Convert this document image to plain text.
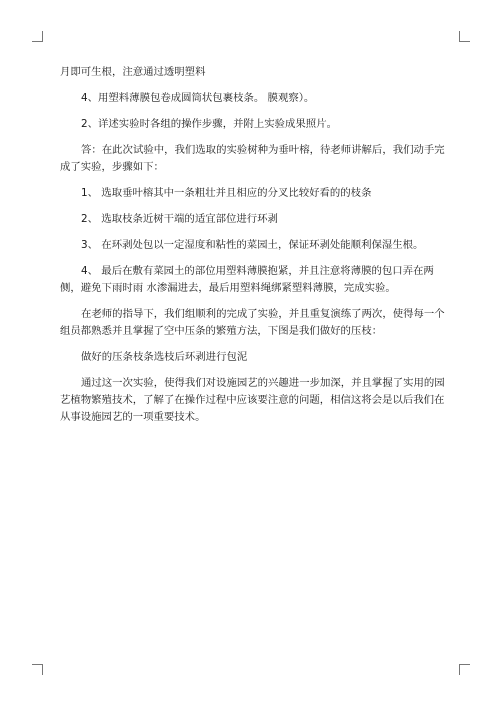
月即可生根，注意通过透明塑料

4、用塑料薄膜包卷成圆筒状包裹枝条。 膜观察）。

2、详述实验时各组的操作步骤，并附上实验成果照片。

答：在此次试验中，我们选取的实验树种为垂叶榕，待老师讲解后，我们动手完成了实验，步骤如下：

1、 选取垂叶榕其中一条粗壮并且相应的分叉比较好看的的枝条

2、 选取枝条近树干端的适宜部位进行环剥

3、 在环剥处包以一定湿度和粘性的菜园土，保证环剥处能顺利保湿生根。

4、 最后在敷有菜园土的部位用塑料薄膜抱紧，并且注意将薄膜的包口弄在两侧，避免下雨时雨 水渗漏进去，最后用塑料绳绑紧塑料薄膜，完成实验。

在老师的指导下，我们组顺利的完成了实验，并且重复演练了两次，使得每一个组员都熟悉并且掌握了空中压条的繁殖方法，下图是我们做好的压枝：

做好的压条枝条选枝后环剥进行包泥

通过这一次实验，使得我们对设施园艺的兴趣进一步加深，并且掌握了实用的园艺植物繁殖技术，了解了在操作过程中应该要注意的问题，相信这将会是以后我们在从事设施园艺的一项重要技术。
